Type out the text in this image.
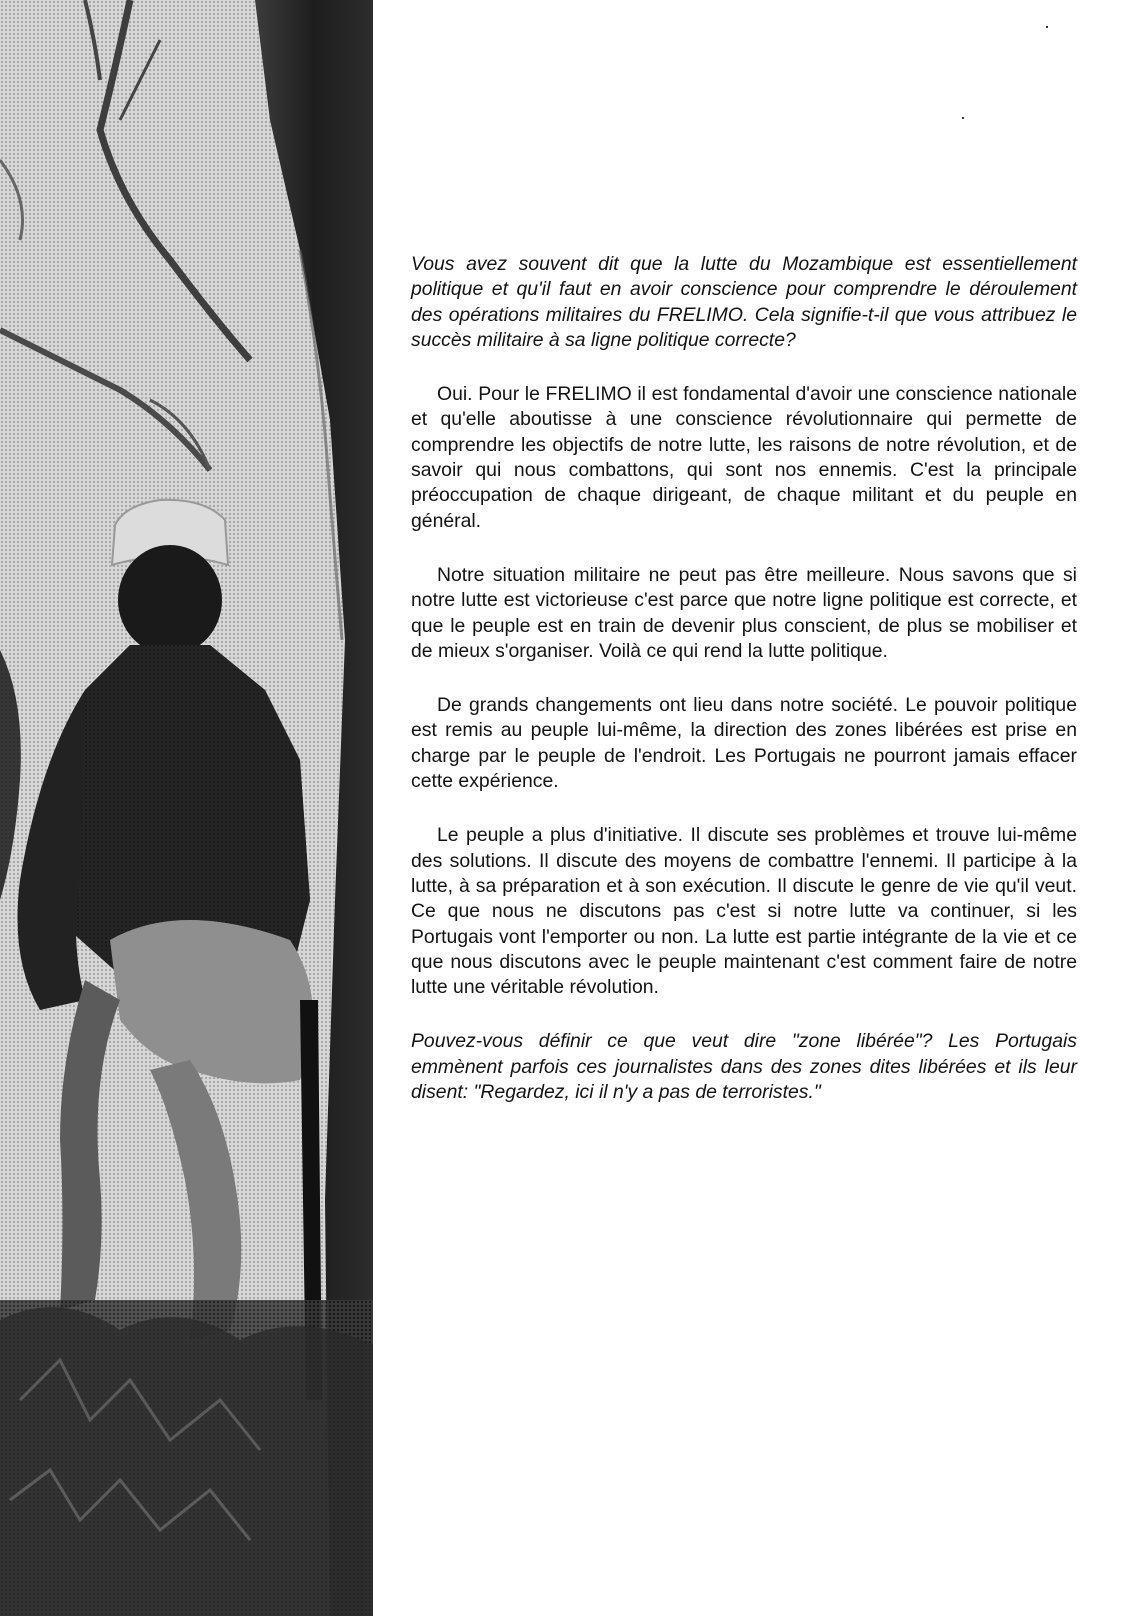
Vous avez souvent dit que la lutte du Mozambique est essentiellement politique et qu'il faut en avoir conscience pour comprendre le déroulement des opérations militaires du FRELIMO. Cela signifie-t-il que vous attribuez le succès militaire à sa ligne politique correcte?

Oui. Pour le FRELIMO il est fondamental d'avoir une conscience nationale et qu'elle aboutisse à une conscience révolutionnaire qui permette de comprendre les objectifs de notre lutte, les raisons de notre révolution, et de savoir qui nous combattons, qui sont nos ennemis. C'est la principale préoccupation de chaque dirigeant, de chaque militant et du peuple en général.

Notre situation militaire ne peut pas être meilleure. Nous savons que si notre lutte est victorieuse c'est parce que notre ligne politique est correcte, et que le peuple est en train de devenir plus conscient, de plus se mobiliser et de mieux s'organiser. Voilà ce qui rend la lutte politique.

De grands changements ont lieu dans notre société. Le pouvoir politique est remis au peuple lui-même, la direction des zones libérées est prise en charge par le peuple de l'endroit. Les Portugais ne pourront jamais effacer cette expérience.

Le peuple a plus d'initiative. Il discute ses problèmes et trouve lui-même des solutions. Il discute des moyens de combattre l'ennemi. Il participe à la lutte, à sa préparation et à son exécution. Il discute le genre de vie qu'il veut. Ce que nous ne discutons pas c'est si notre lutte va continuer, si les Portugais vont l'emporter ou non. La lutte est partie intégrante de la vie et ce que nous discutons avec le peuple maintenant c'est comment faire de notre lutte une véritable révolution.

Pouvez-vous définir ce que veut dire "zone libérée"? Les Portugais emmènent parfois ces journalistes dans des zones dites libérées et ils leur disent: "Regardez, ici il n'y a pas de terroristes."
